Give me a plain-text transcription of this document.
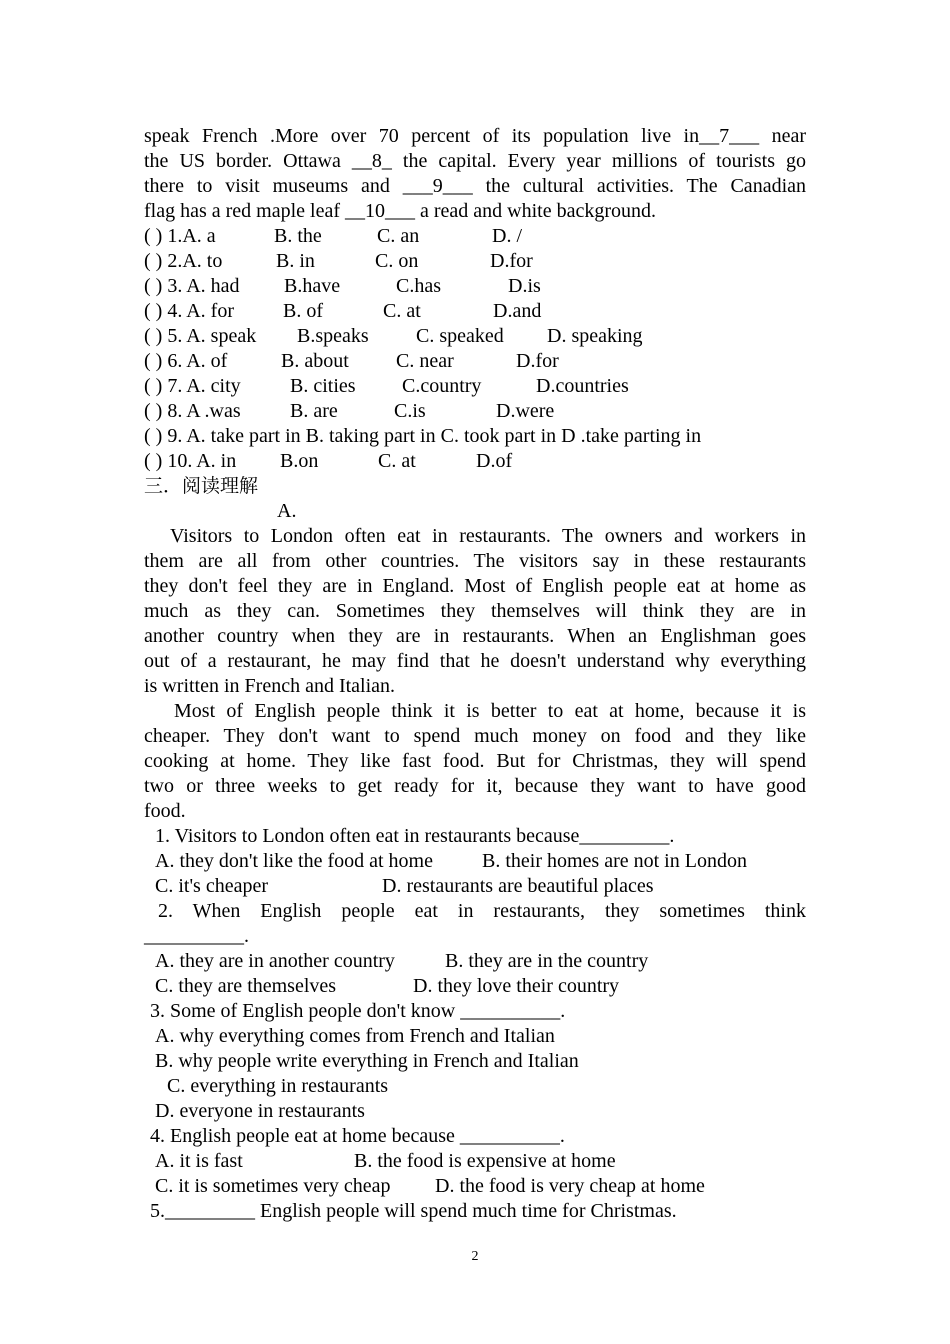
speak French .More over 70 percent of its population live in__7___ near
the US border. Ottawa __8_ the capital. Every year millions of tourists go
there to visit museums and ___9___ the cultural activities. The Canadian
flag has a red maple leaf __10___ a read and white background.
( ) 1.A. a	B. the	C. an	D. /
( ) 2.A. to	B. in	C. on	D.for
( ) 3. A. had B.have	C.has	D.is
( ) 4. A. for B. of	C. at	D.and
( ) 5. A. speak B.speaks C. speaked D. speaking
( ) 6. A. of	B. about C. near	D.for
( ) 7. A. city B. cities C.country	D.countries
( ) 8. A .was B. are	C.is	D.were
( ) 9. A. take part in B. taking part in C. took part in D .take parting in
( ) 10. A. in B.on	C. at	D.of
三．阅读理解
A.
Visitors to London often eat in restaurants. The owners and workers in
them are all from other countries. The visitors say in these restaurants
they don't feel they are in England. Most of English people eat at home as
much as they can. Sometimes they themselves will think they are in
another country when they are in restaurants. When an Englishman goes
out of a restaurant, he may find that he doesn't understand why everything
is written in French and Italian.
Most of English people think it is better to eat at home, because it is
cheaper. They don't want to spend much money on food and they like
cooking at home. They like fast food. But for Christmas, they will spend
two or three weeks to get ready for it, because they want to have good
food.
1. Visitors to London often eat in restaurants because_________.
A. they don't like the food at home B. their homes are not in London
C. it's cheaper	D. restaurants are beautiful places
2. When English people eat in restaurants, they sometimes think
__________.
A. they are in another country	B. they are in the country
C. they are themselves	D. they love their country
3. Some of English people don't know __________.
A. why everything comes from French and Italian
B. why people write everything in French and Italian
C. everything in restaurants
D. everyone in restaurants
4. English people eat at home because __________.
A. it is fast	B. the food is expensive at home
C. it is sometimes very cheap D. the food is very cheap at home
5._________ English people will spend much time for Christmas.
2
